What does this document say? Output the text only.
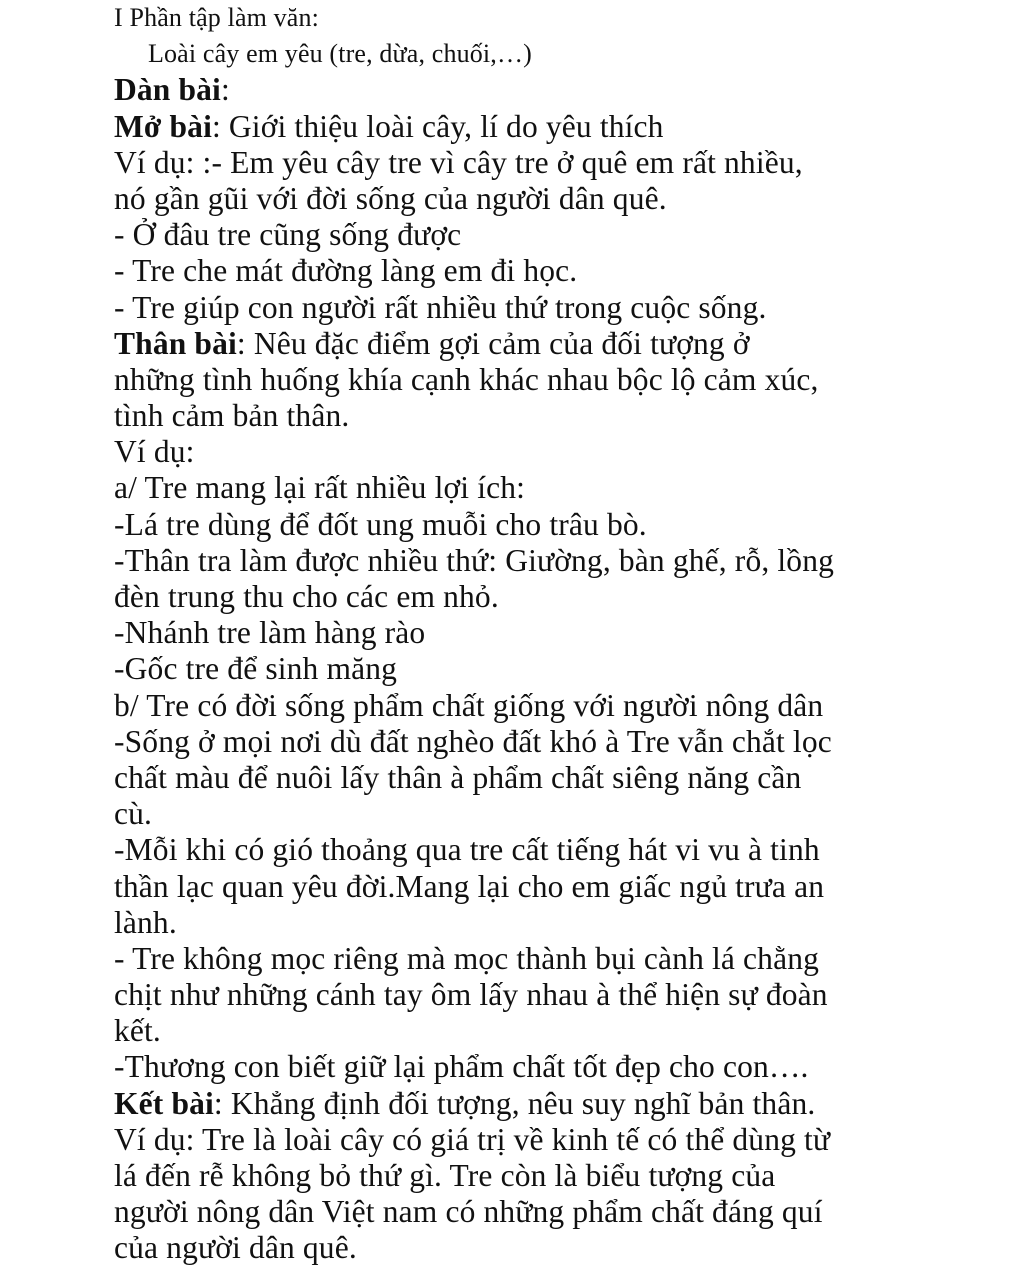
I Phần tập làm văn:
Loài cây em yêu (tre, dừa, chuối,…)
Dàn bài:
Mở bài: Giới thiệu loài cây, lí do yêu thích
Ví dụ: :- Em yêu cây tre vì cây tre ở quê em rất nhiều,
nó gần gũi với đời sống của người dân quê.
- Ở đâu tre cũng sống được
- Tre che mát đường làng em đi học.
- Tre giúp con người rất nhiều thứ trong cuộc sống.
Thân bài: Nêu đặc điểm gợi cảm của đối tượng ở
những tình huống khía cạnh khác nhau bộc lộ cảm xúc,
tình cảm bản thân.
Ví dụ:
a/ Tre mang lại rất nhiều lợi ích:
-Lá tre dùng để đốt ung muỗi cho trâu bò.
-Thân tra làm được nhiều thứ: Giường, bàn ghế, rỗ, lồng
đèn trung thu cho các em nhỏ.
-Nhánh tre làm hàng rào
-Gốc tre để sinh măng
b/ Tre có đời sống phẩm chất giống với người nông dân
-Sống ở mọi nơi dù đất nghèo đất khó à Tre vẫn chắt lọc
chất màu để nuôi lấy thân à phẩm chất siêng năng cần
cù.
-Mỗi khi có gió thoảng qua tre cất tiếng hát vi vu à tinh
thần lạc quan yêu đời.Mang lại cho em giấc ngủ trưa an
lành.
- Tre không mọc riêng mà mọc thành bụi cành lá chằng
chịt như những cánh tay ôm lấy nhau à thể hiện sự đoàn
kết.
-Thương con biết giữ lại phẩm chất tốt đẹp cho con….
Kết bài: Khẳng định đối tượng, nêu suy nghĩ bản thân.
Ví dụ: Tre là loài cây có giá trị về kinh tế có thể dùng từ
lá đến rễ không bỏ thứ gì. Tre còn là biểu tượng của
người nông dân Việt nam có những phẩm chất đáng quí
của người dân quê.
